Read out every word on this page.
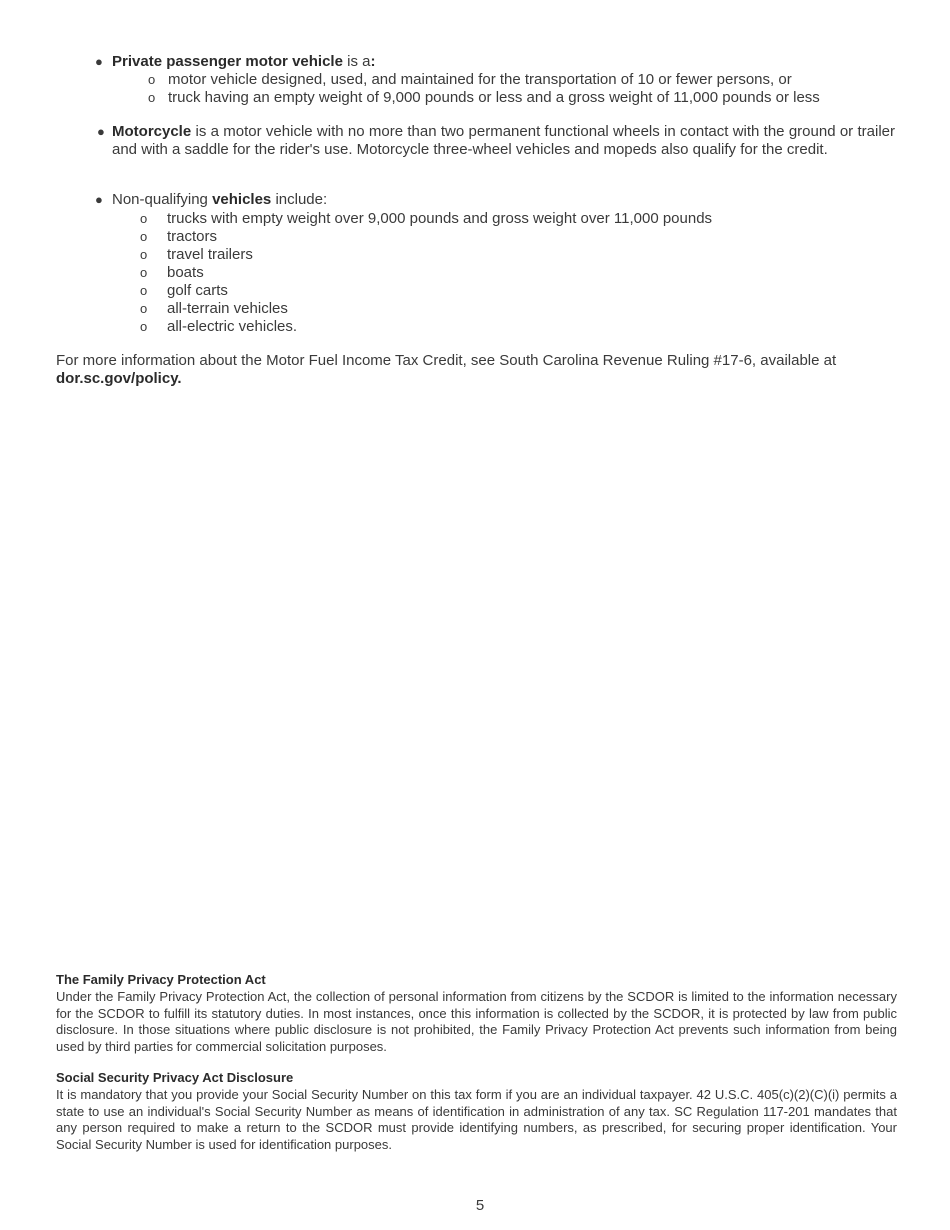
● Private passenger motor vehicle is a:
o motor vehicle designed, used, and maintained for the transportation of 10 or fewer persons, or
o truck having an empty weight of 9,000 pounds or less and a gross weight of 11,000 pounds or less
● Motorcycle is a motor vehicle with no more than two permanent functional wheels in contact with the ground or trailer and with a saddle for the rider's use. Motorcycle three-wheel vehicles and mopeds also qualify for the credit.
● Non-qualifying vehicles include:
o trucks with empty weight over 9,000 pounds and gross weight over 11,000 pounds
o tractors
o travel trailers
o boats
o golf carts
o all-terrain vehicles
o all-electric vehicles.
For more information about the Motor Fuel Income Tax Credit, see South Carolina Revenue Ruling #17-6, available at
dor.sc.gov/policy.
The Family Privacy Protection Act
Under the Family Privacy Protection Act, the collection of personal information from citizens by the SCDOR is limited to the information necessary for the SCDOR to fulfill its statutory duties. In most instances, once this information is collected by the SCDOR, it is protected by law from public disclosure. In those situations where public disclosure is not prohibited, the Family Privacy Protection Act prevents such information from being used by third parties for commercial solicitation purposes.
Social Security Privacy Act Disclosure
It is mandatory that you provide your Social Security Number on this tax form if you are an individual taxpayer. 42 U.S.C. 405(c)(2)(C)(i) permits a state to use an individual's Social Security Number as means of identification in administration of any tax. SC Regulation 117-201 mandates that any person required to make a return to the SCDOR must provide identifying numbers, as prescribed, for securing proper identification. Your Social Security Number is used for identification purposes.
5
